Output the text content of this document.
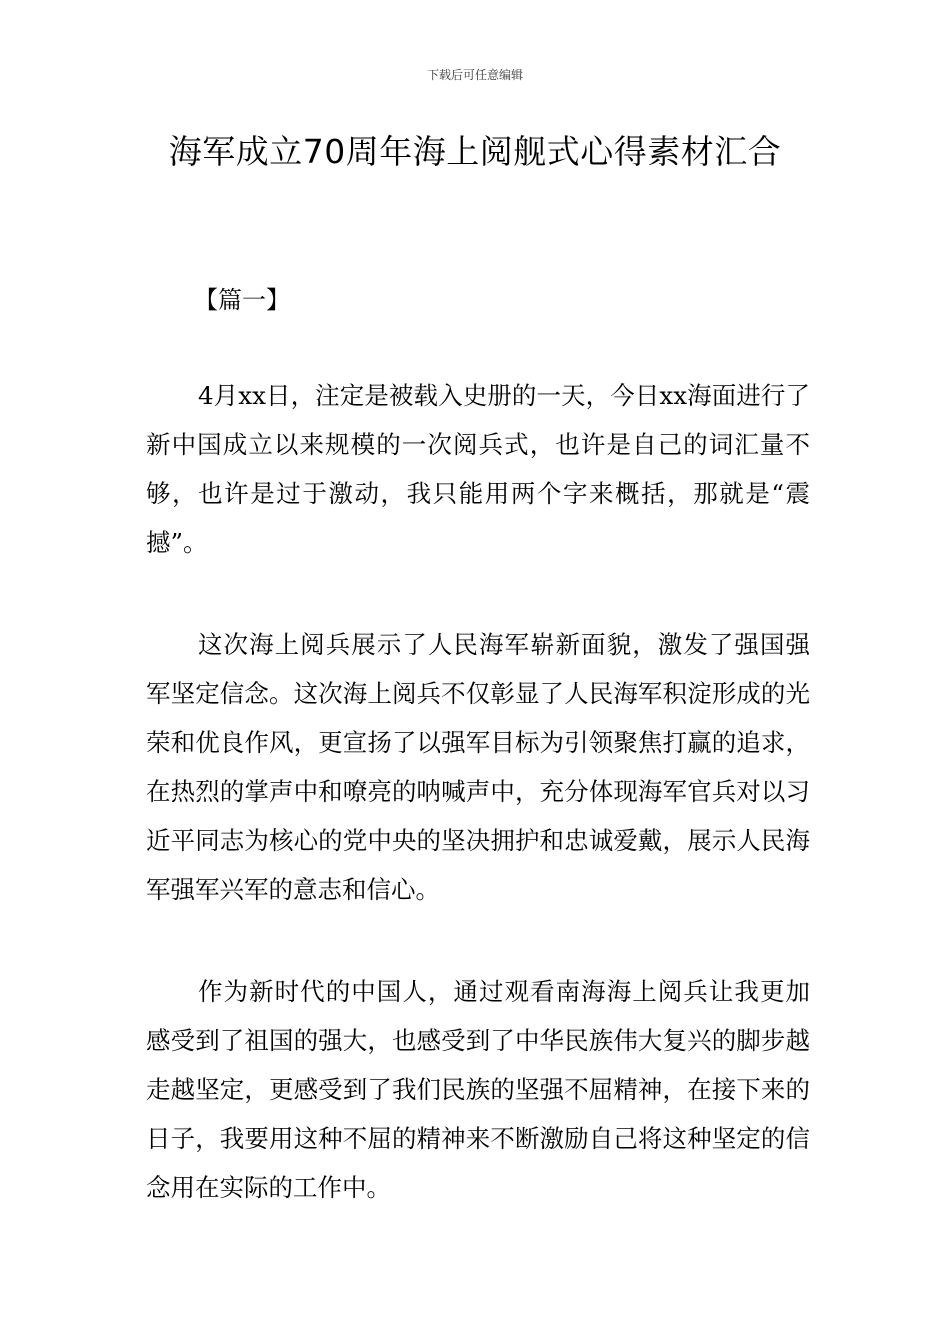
下载后可任意编辑
海军成立70周年海上阅舰式心得素材汇合
【篇一】

4月xx日，注定是被载入史册的一天，今日xx海面进行了新中国成立以来规模的一次阅兵式，也许是自己的词汇量不够，也许是过于激动，我只能用两个字来概括，那就是“震撼”。

这次海上阅兵展示了人民海军崭新面貌，激发了强国强军坚定信念。这次海上阅兵不仅彰显了人民海军积淀形成的光荣和优良作风，更宣扬了以强军目标为引领聚焦打赢的追求，在热烈的掌声中和嘹亮的呐喊声中，充分体现海军官兵对以习近平同志为核心的党中央的坚决拥护和忠诚爱戴，展示人民海军强军兴军的意志和信心。

作为新时代的中国人，通过观看南海海上阅兵让我更加感受到了祖国的强大，也感受到了中华民族伟大复兴的脚步越走越坚定，更感受到了我们民族的坚强不屈精神，在接下来的日子，我要用这种不屈的精神来不断激励自己将这种坚定的信念用在实际的工作中。
